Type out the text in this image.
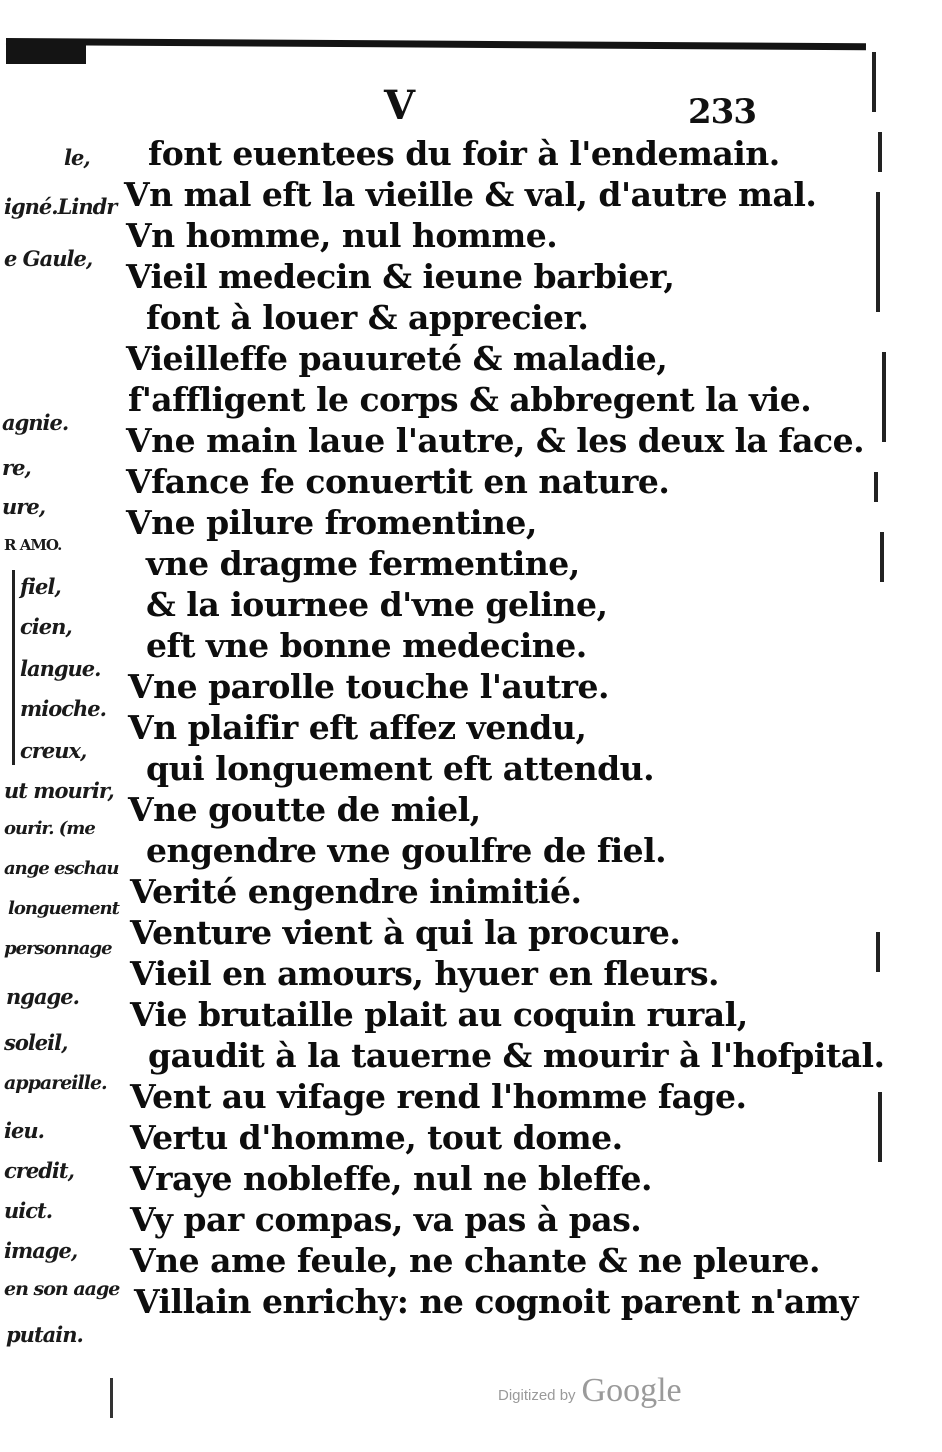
V	233
le,
igné.Lindr
e Gaule,
agnie.
re,
ure,
R AMO.
fiel,
cien,
langue.
mioche.
creux,
ut mourir,
ourir. (me
ange eschau
longuement
personnage
ngage.
soleil,
appareille.
ieu.
credit,
uict.
image,
en son aage
putain.
font euentees du foir à l'endemain.
Vn mal eft la vieille & val, d'autre mal.
Vn homme, nul homme.
Vieil medecin & ieune barbier,
font à louer & apprecier.
Vieilleffe pauureté & maladie,
f'affligent le corps & abbregent la vie.
Vne main laue l'autre, & les deux la face.
Vfance fe conuertit en nature.
Vne pilure fromentine,
vne dragme fermentine,
& la iournee d'vne geline,
eft vne bonne medecine.
Vne parolle touche l'autre.
Vn plaifir eft affez vendu,
qui longuement eft attendu.
Vne goutte de miel,
engendre vne goulfre de fiel.
Verité engendre inimitié.
Venture vient à qui la procure.
Vieil en amours, hyuer en fleurs.
Vie brutaille plait au coquin rural,
gaudit à la tauerne & mourir à l'hofpital.
Vent au vifage rend l'homme fage.
Vertu d'homme, tout dome.
Vraye nobleffe, nul ne bleffe.
Vy par compas, va pas à pas.
Vne ame feule, ne chante & ne pleure.
Villain enrichy: ne cognoit parent n'amy
Digitized by Google
